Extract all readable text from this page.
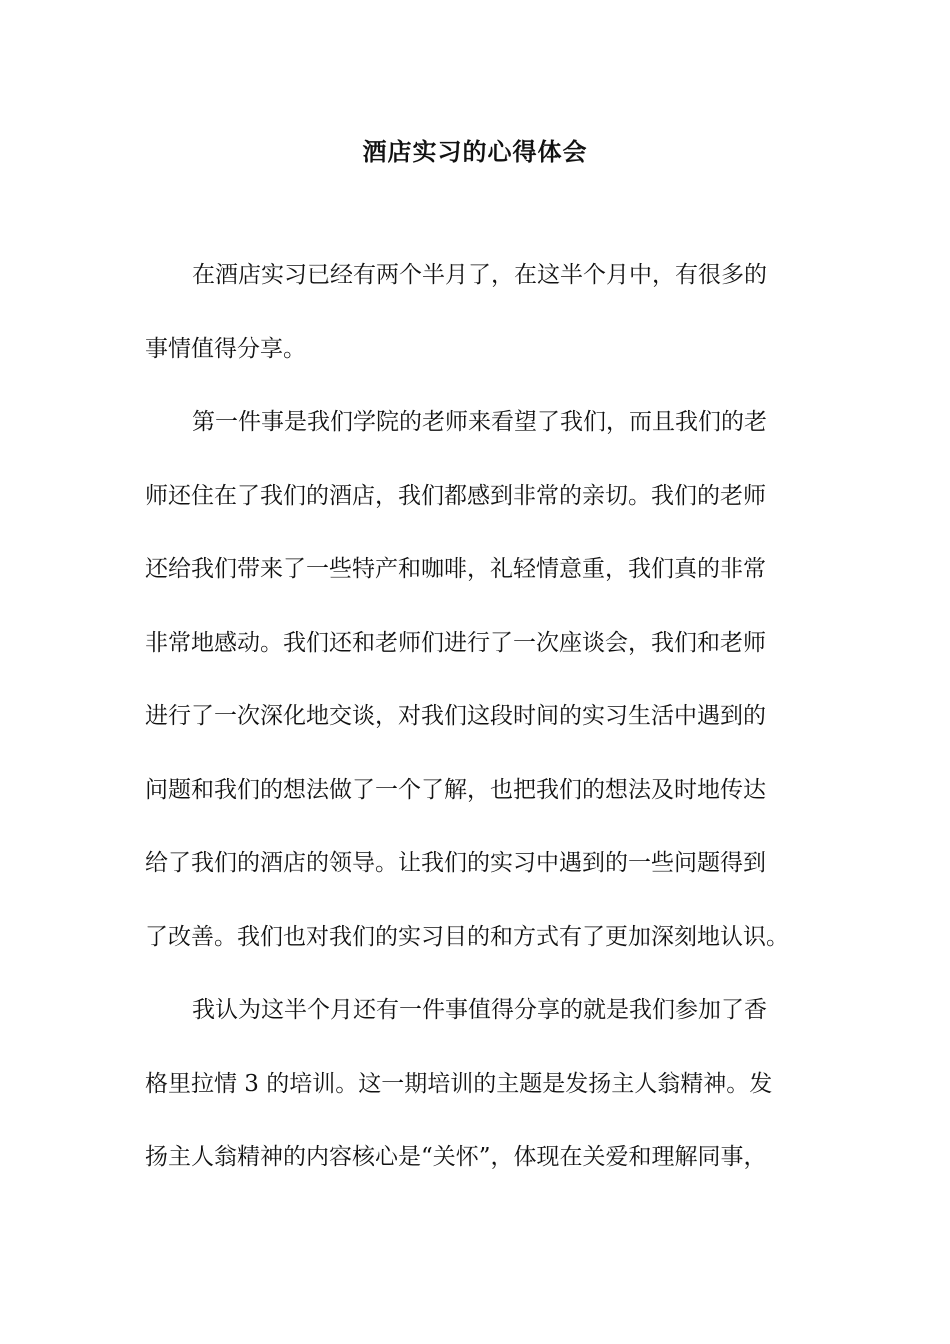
酒店实习的心得体会
在酒店实习已经有两个半月了，在这半个月中，有很多的
事情值得分享。
第一件事是我们学院的老师来看望了我们，而且我们的老
师还住在了我们的酒店，我们都感到非常的亲切。我们的老师
还给我们带来了一些特产和咖啡，礼轻情意重，我们真的非常
非常地感动。我们还和老师们进行了一次座谈会，我们和老师
进行了一次深化地交谈，对我们这段时间的实习生活中遇到的
问题和我们的想法做了一个了解，也把我们的想法及时地传达
给了我们的酒店的领导。让我们的实习中遇到的一些问题得到
了改善。我们也对我们的实习目的和方式有了更加深刻地认识。
我认为这半个月还有一件事值得分享的就是我们参加了香
格里拉情 3 的培训。这一期培训的主题是发扬主人翁精神。发
扬主人翁精神的内容核心是“关怀”，体现在关爱和理解同事，
